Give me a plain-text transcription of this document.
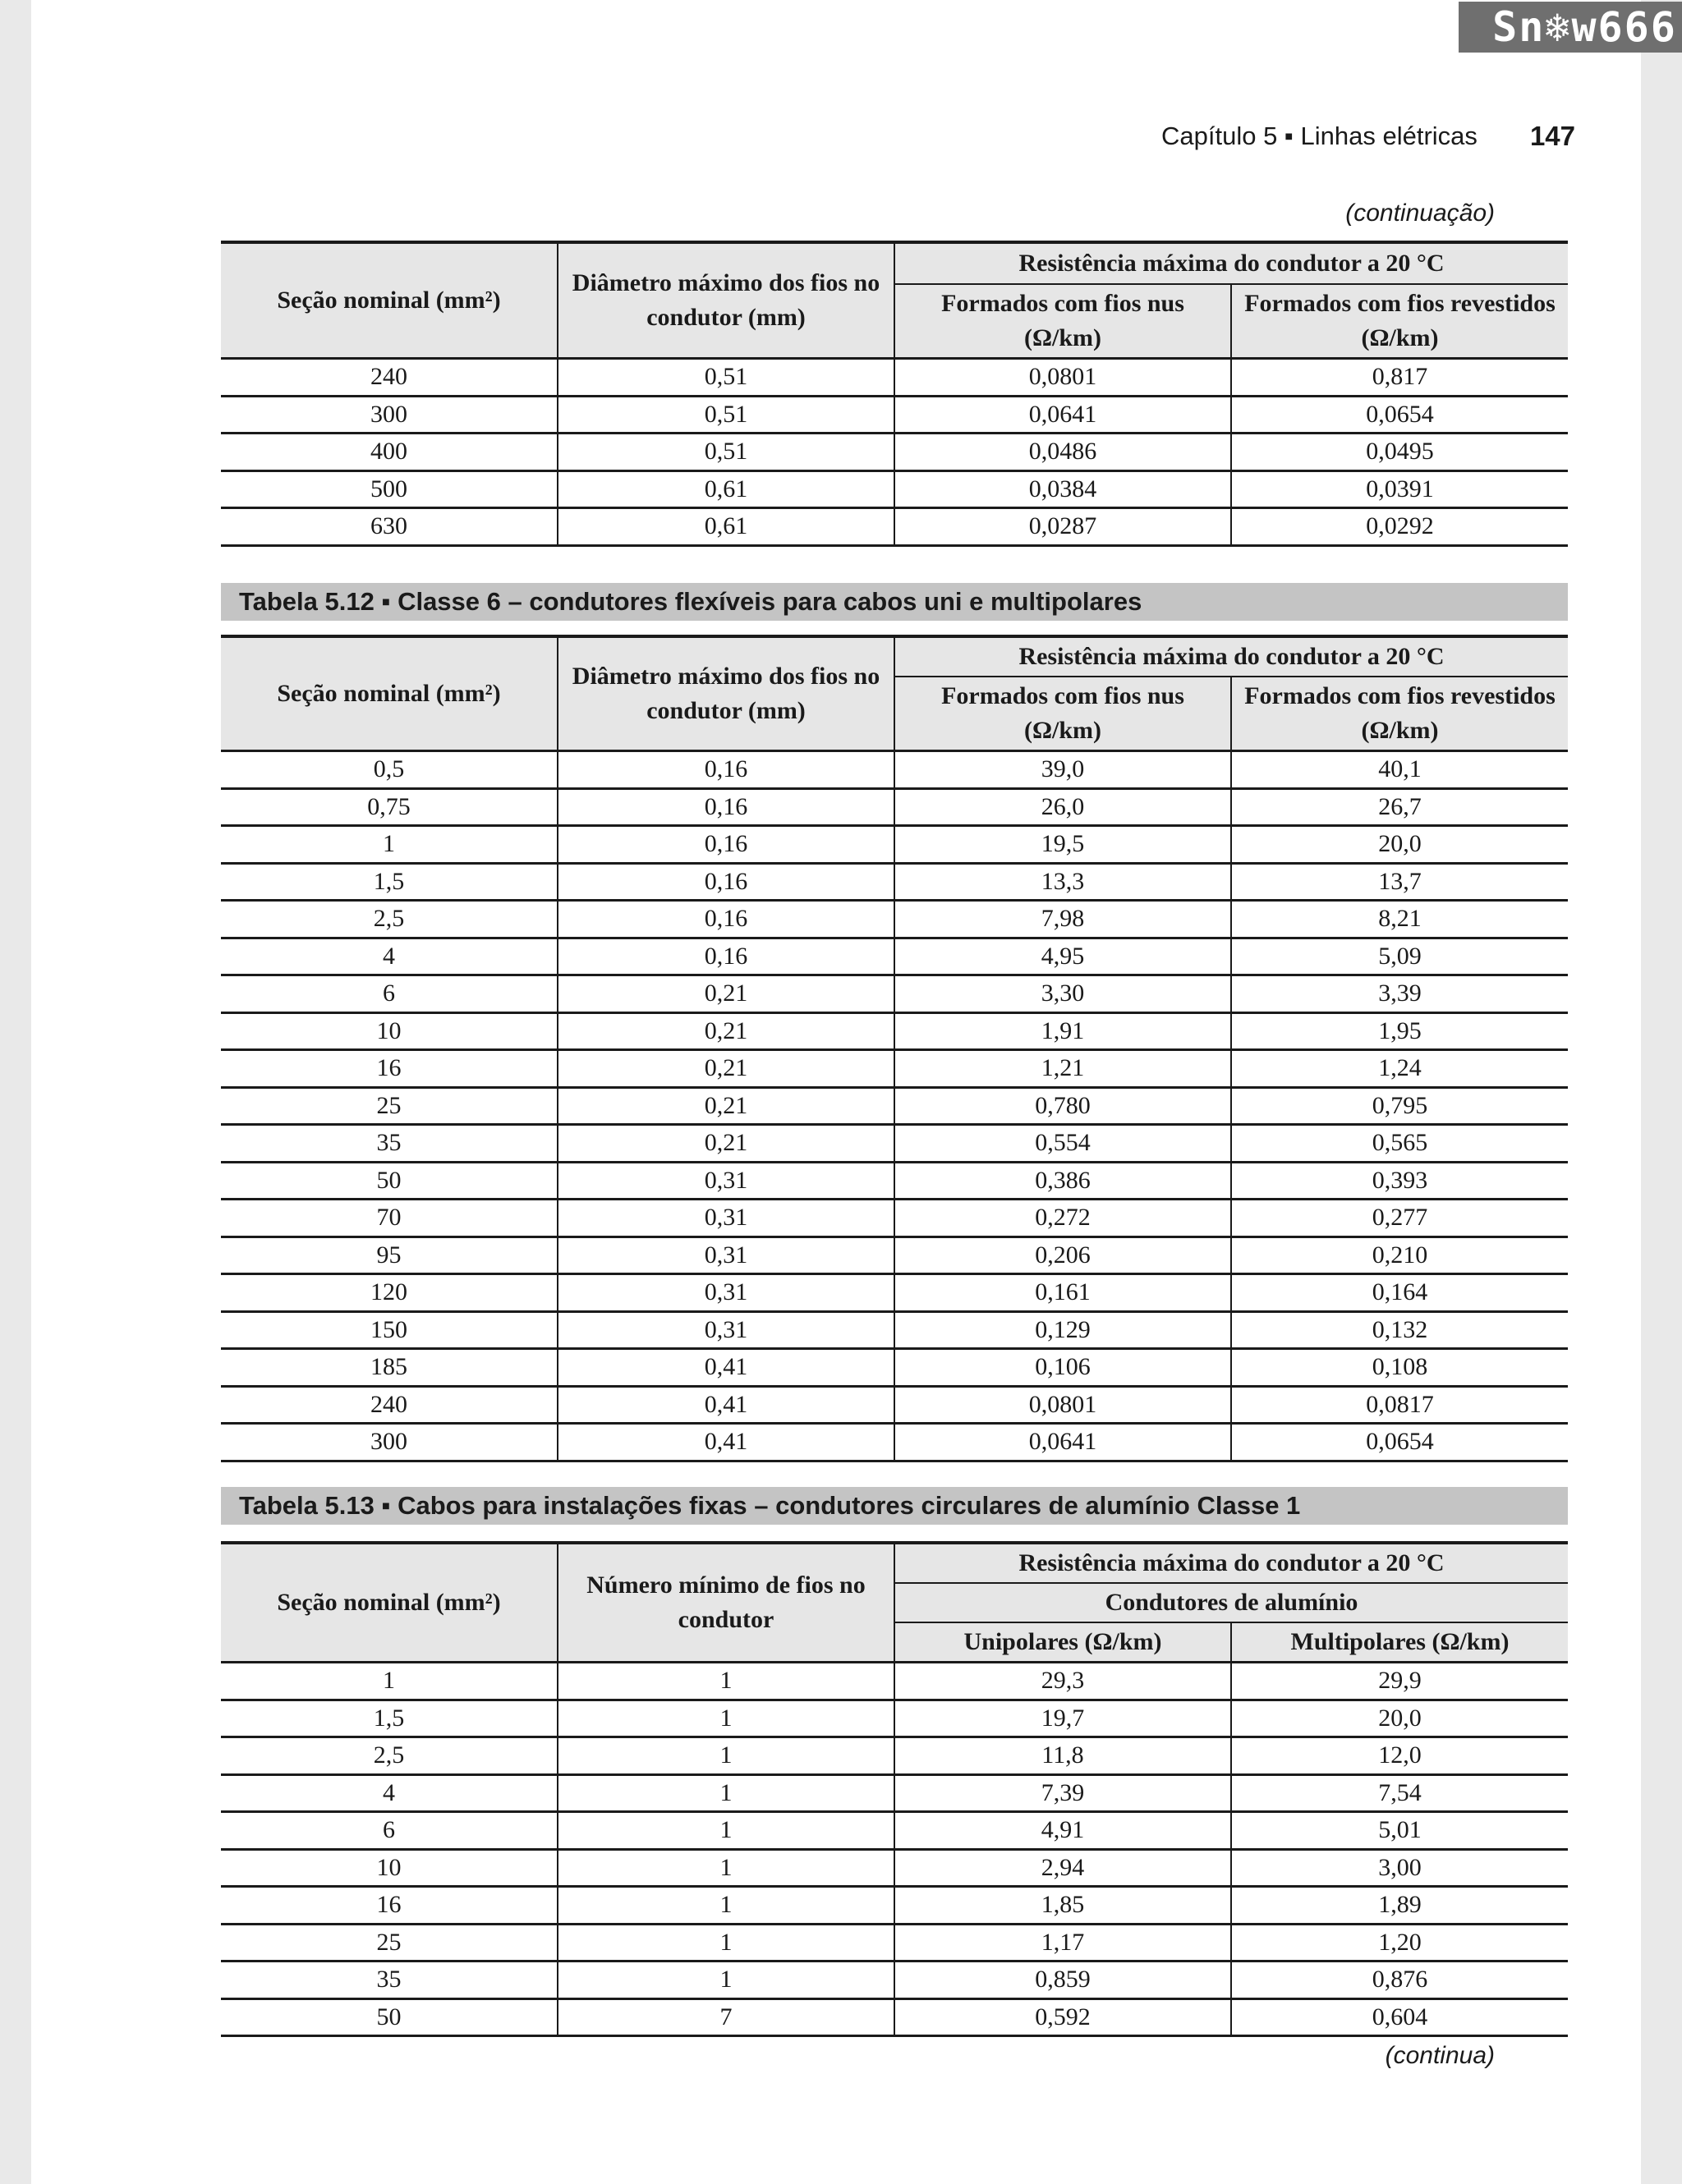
Sn❄w666
Capítulo 5 ▪ Linhas elétricas 147
(continuação)
Seção nominal (mm²)	Diâmetro máximo dos fios no condutor (mm)	Resistência máxima do condutor a 20 °C	
		Formados com fios nus (Ω/km)	Formados com fios revestidos (Ω/km)
240	0,51	0,0801	0,817
300	0,51	0,0641	0,0654
400	0,51	0,0486	0,0495
500	0,61	0,0384	0,0391
630	0,61	0,0287	0,0292
Tabela 5.12 ▪ Classe 6 – condutores flexíveis para cabos uni e multipolares
Seção nominal (mm²)	Diâmetro máximo dos fios no condutor (mm)	Resistência máxima do condutor a 20 °C	
		Formados com fios nus (Ω/km)	Formados com fios revestidos (Ω/km)
0,5	0,16	39,0	40,1
0,75	0,16	26,0	26,7
1	0,16	19,5	20,0
1,5	0,16	13,3	13,7
2,5	0,16	7,98	8,21
4	0,16	4,95	5,09
6	0,21	3,30	3,39
10	0,21	1,91	1,95
16	0,21	1,21	1,24
25	0,21	0,780	0,795
35	0,21	0,554	0,565
50	0,31	0,386	0,393
70	0,31	0,272	0,277
95	0,31	0,206	0,210
120	0,31	0,161	0,164
150	0,31	0,129	0,132
185	0,41	0,106	0,108
240	0,41	0,0801	0,0817
300	0,41	0,0641	0,0654
Tabela 5.13 ▪ Cabos para instalações fixas – condutores circulares de alumínio Classe 1
Seção nominal (mm²)	Número mínimo de fios no condutor	Resistência máxima do condutor a 20 °C	
		Condutores de alumínio	
		Unipolares (Ω/km)	Multipolares (Ω/km)
1	1	29,3	29,9
1,5	1	19,7	20,0
2,5	1	11,8	12,0
4	1	7,39	7,54
6	1	4,91	5,01
10	1	2,94	3,00
16	1	1,85	1,89
25	1	1,17	1,20
35	1	0,859	0,876
50	7	0,592	0,604
(continua)
